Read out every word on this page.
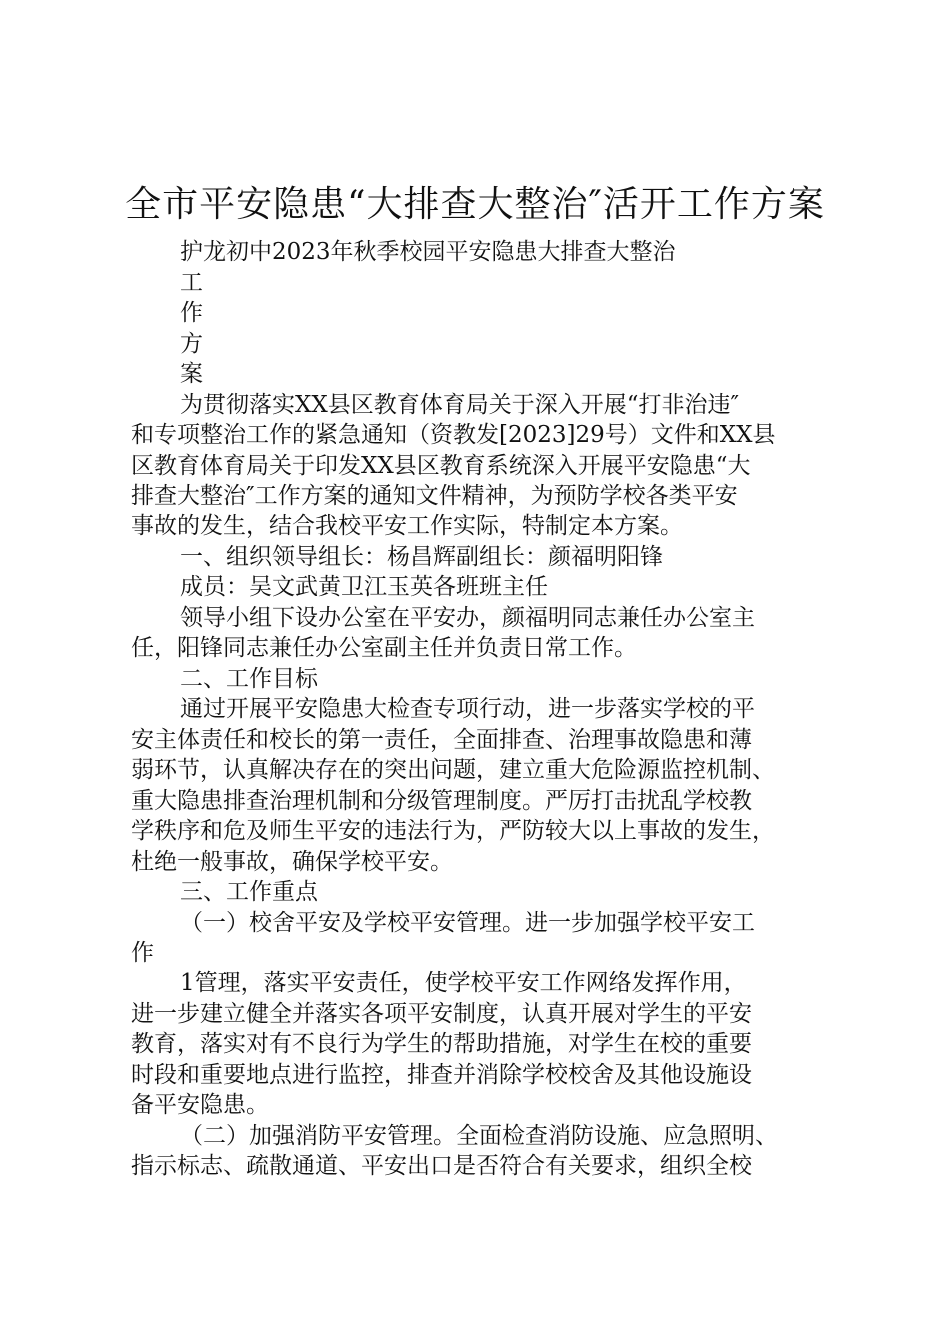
全市平安隐患“大排查大整治″活开工作方案
护龙初中2023年秋季校园平安隐患大排查大整治
工
作
方
案
为贯彻落实XX县区教育体育局关于深入开展“打非治违″
和专项整治工作的紧急通知（资教发[2023]29号）文件和XX县
区教育体育局关于印发XX县区教育系统深入开展平安隐患“大
排查大整治″工作方案的通知文件精神，为预防学校各类平安
事故的发生，结合我校平安工作实际，特制定本方案。
一、组织领导组长：杨昌辉副组长：颜福明阳锋
成员：吴文武黄卫江玉英各班班主任
领导小组下设办公室在平安办，颜福明同志兼任办公室主
任，阳锋同志兼任办公室副主任并负责日常工作。
二、工作目标
通过开展平安隐患大检查专项行动，进一步落实学校的平
安主体责任和校长的第一责任，全面排查、治理事故隐患和薄
弱环节，认真解决存在的突出问题，建立重大危险源监控机制、
重大隐患排查治理机制和分级管理制度。严厉打击扰乱学校教
学秩序和危及师生平安的违法行为，严防较大以上事故的发生，
杜绝一般事故，确保学校平安。
三、工作重点
（一）校舍平安及学校平安管理。进一步加强学校平安工
作
1管理，落实平安责任，使学校平安工作网络发挥作用，
进一步建立健全并落实各项平安制度，认真开展对学生的平安
教育，落实对有不良行为学生的帮助措施，对学生在校的重要
时段和重要地点进行监控，排查并消除学校校舍及其他设施设
备平安隐患。
（二）加强消防平安管理。全面检查消防设施、应急照明、
指示标志、疏散通道、平安出口是否符合有关要求，组织全校
